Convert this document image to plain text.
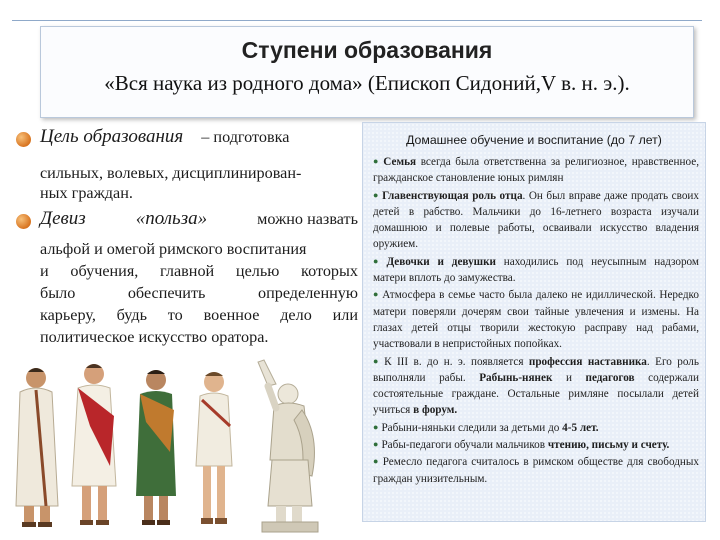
Ступени образования
«Вся наука из родного дома» (Епископ Сидоний,V в. н. э.).
Цель образования – подготовка
сильных, волевых, дисциплинирован-
ных граждан.
Девиз	«польза»	можно назвать
альфой и омегой римского воспитания
и обучения, главной целью которых
было обеспечить определенную
карьеру, будь то военное дело или
политическое искусство оратора.
Домашнее обучение и воспитание (до 7 лет)

● Семья всегда была ответственна за религиозное, нравственное, гражданское становление юных римлян

● Главенствующая роль отца. Он был вправе даже продать своих детей в рабство. Мальчики до 16-летнего возраста изучали домашнюю и полевые работы, осваивали искусство владения оружием.

● Девочки и девушки находились под неусыпным надзором матери вплоть до замужества.

● Атмосфера в семье часто была далеко не идиллической. Нередко матери поверяли дочерям свои тайные увлечения и измены. На глазах детей отцы творили жестокую расправу над рабами, участвовали в непристойных попойках.

● К III в. до н. э. появляется профессия наставника. Его роль выполняли рабы. Рабынь-нянек и педагогов содержали состоятельные граждане. Остальные римляне посылали детей учиться в форум.

● Рабыни-няньки следили за детьми до 4-5 лет.

● Рабы-педагоги обучали мальчиков чтению, письму и счету.

● Ремесло педагога считалось в римском обществе для свободных граждан унизительным.
